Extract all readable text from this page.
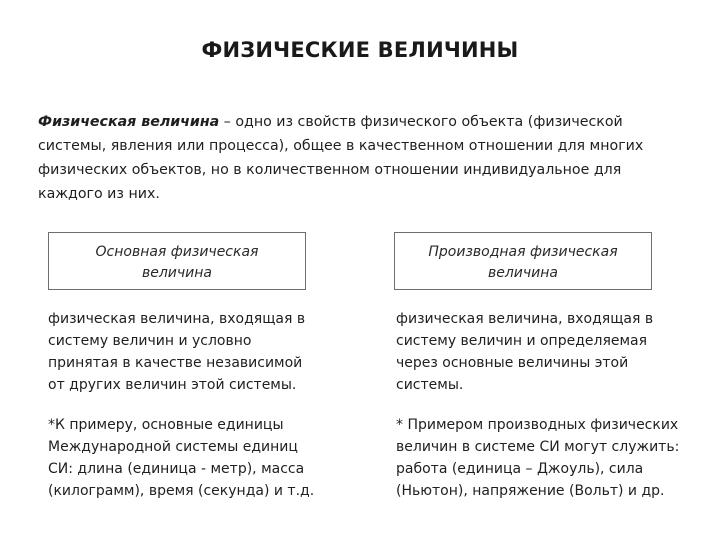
ФИЗИЧЕСКИЕ ВЕЛИЧИНЫ
Физическая величина – одно из свойств физического объекта (физической системы, явления или процесса), общее в качественном отношении для многих физических объектов, но в количественном отношении индивидуальное для каждого из них.
Основная физическая
величина
Производная физическая
величина
физическая величина, входящая в
систему величин и условно
принятая в качестве независимой
от других величин этой системы.
физическая величина, входящая в
систему величин и определяемая
через основные величины этой
системы.
*К примеру, основные единицы
Международной системы единиц
СИ: длина (единица - метр), масса
(килограмм), время (секунда) и т.д.
* Примером производных физических
величин в системе СИ могут служить:
работа (единица – Джоуль), сила
(Ньютон), напряжение (Вольт) и др.
